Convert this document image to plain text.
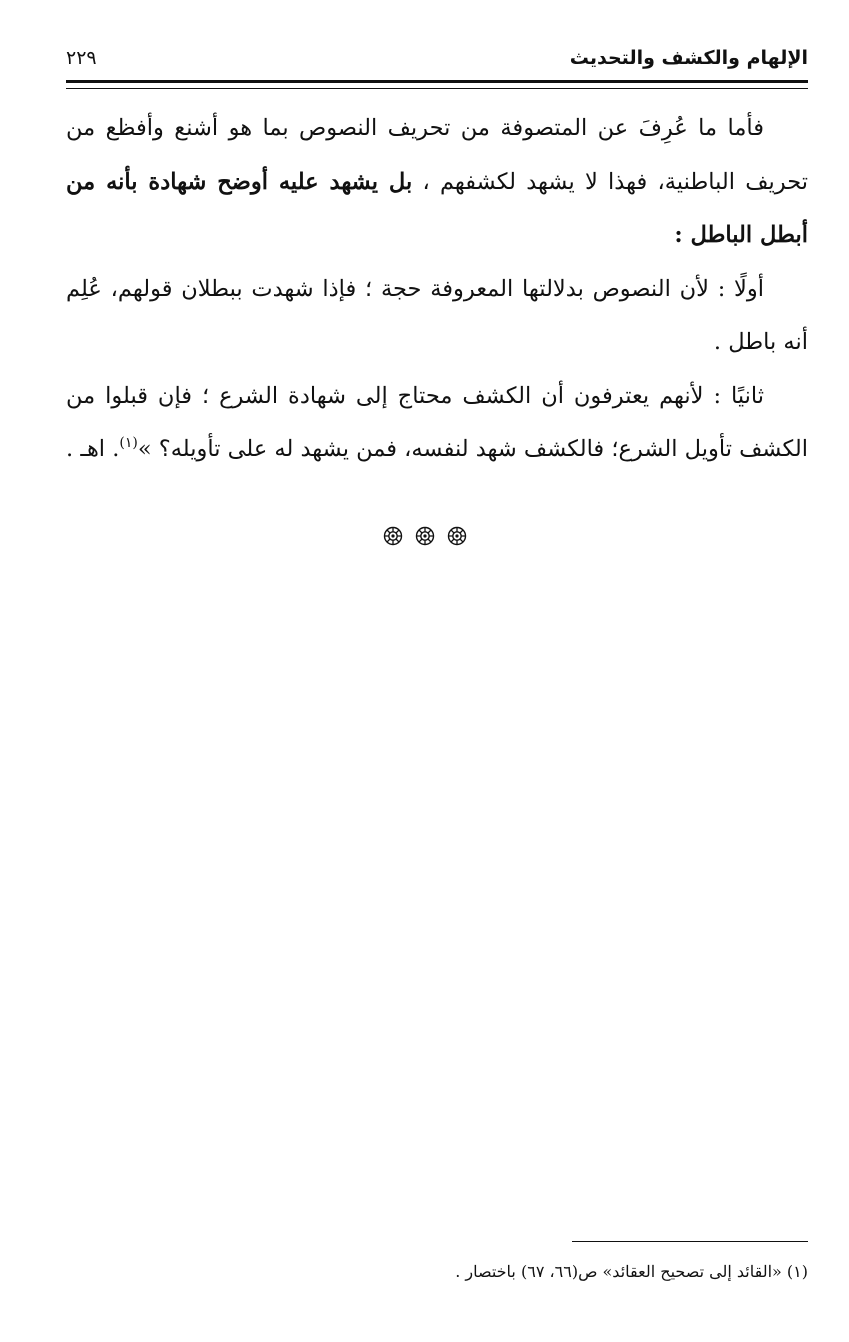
الإلهام والكشف والتحديث
٢٢٩

فأما ما عُرِفَ عن المتصوفة من تحريف النصوص بما هو أشنع وأفظع من تحريف الباطنية، فهذا لا يشهد لكشفهم ، بل يشهد عليه أوضح شهادة بأنه من أبطل الباطل :

أولًا : لأن النصوص بدلالتها المعروفة حجة ؛ فإذا شهدت ببطلان قولهم، عُلِم أنه باطل .

ثانيًا : لأنهم يعترفون أن الكشف محتاج إلى شهادة الشرع ؛ فإن قبلوا من الكشف تأويل الشرع؛ فالكشف شهد لنفسه، فمن يشهد له على تأويله؟ »$^{(١)}$. اهـ .

(١) «القائد إلى تصحيح العقائد» ص(٦٦، ٦٧) باختصار .
